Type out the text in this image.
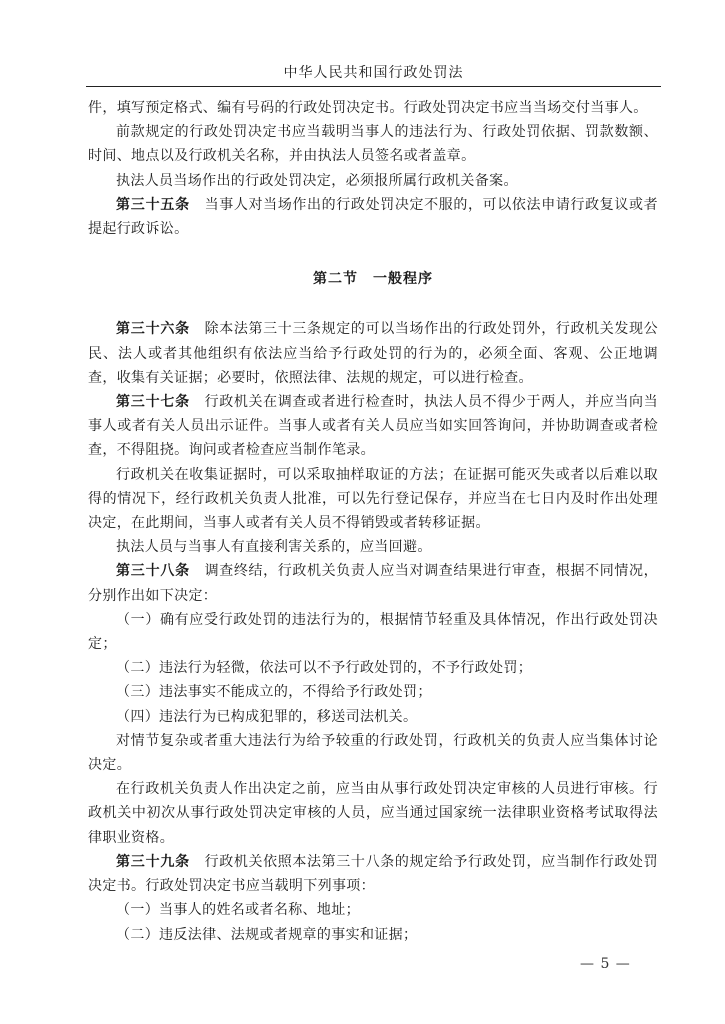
中华人民共和国行政处罚法

件，填写预定格式、编有号码的行政处罚决定书。行政处罚决定书应当当场交付当事人。

前款规定的行政处罚决定书应当载明当事人的违法行为、行政处罚依据、罚款数额、时间、地点以及行政机关名称，并由执法人员签名或者盖章。

执法人员当场作出的行政处罚决定，必须报所属行政机关备案。

第三十五条　 当事人对当场作出的行政处罚决定不服的，可以依法申请行政复议或者提起行政诉讼。

第二节　一般程序

第三十六条　 除本法第三十三条规定的可以当场作出的行政处罚外，行政机关发现公民、法人或者其他组织有依法应当给予行政处罚的行为的，必须全面、客观、公正地调查，收集有关证据；必要时，依照法律、法规的规定，可以进行检查。

第三十七条　 行政机关在调查或者进行检查时，执法人员不得少于两人，并应当向当事人或者有关人员出示证件。当事人或者有关人员应当如实回答询问，并协助调查或者检查，不得阻挠。询问或者检查应当制作笔录。

行政机关在收集证据时，可以采取抽样取证的方法；在证据可能灭失或者以后难以取得的情况下，经行政机关负责人批准，可以先行登记保存，并应当在七日内及时作出处理决定，在此期间，当事人或者有关人员不得销毁或者转移证据。

执法人员与当事人有直接利害关系的，应当回避。

第三十八条　 调查终结，行政机关负责人应当对调查结果进行审查，根据不同情况，分别作出如下决定：

（一）确有应受行政处罚的违法行为的，根据情节轻重及具体情况，作出行政处罚决定；

（二）违法行为轻微，依法可以不予行政处罚的，不予行政处罚；

（三）违法事实不能成立的，不得给予行政处罚；

（四）违法行为已构成犯罪的，移送司法机关。

对情节复杂或者重大违法行为给予较重的行政处罚，行政机关的负责人应当集体讨论决定。

在行政机关负责人作出决定之前，应当由从事行政处罚决定审核的人员进行审核。行政机关中初次从事行政处罚决定审核的人员，应当通过国家统一法律职业资格考试取得法律职业资格。

第三十九条　 行政机关依照本法第三十八条的规定给予行政处罚，应当制作行政处罚决定书。行政处罚决定书应当载明下列事项：

（一）当事人的姓名或者名称、地址；

（二）违反法律、法规或者规章的事实和证据；

— 5 —
